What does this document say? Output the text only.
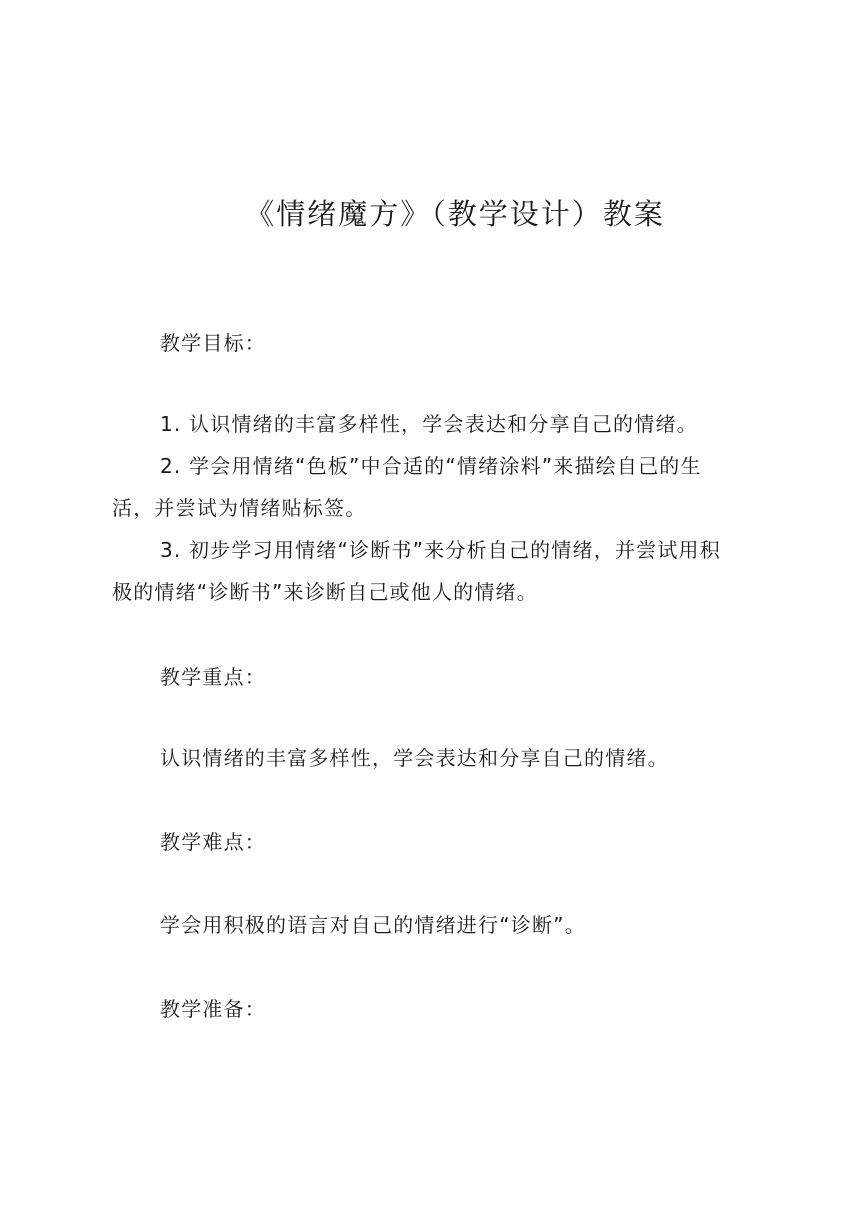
《情绪魔方》（教学设计）教案
教学目标：
1. 认识情绪的丰富多样性，学会表达和分享自己的情绪。
2. 学会用情绪“色板”中合适的“情绪涂料”来描绘自己的生活，并尝试为情绪贴标签。
3. 初步学习用情绪“诊断书”来分析自己的情绪，并尝试用积极的情绪“诊断书”来诊断自己或他人的情绪。
教学重点：
认识情绪的丰富多样性，学会表达和分享自己的情绪。
教学难点：
学会用积极的语言对自己的情绪进行“诊断”。
教学准备：
